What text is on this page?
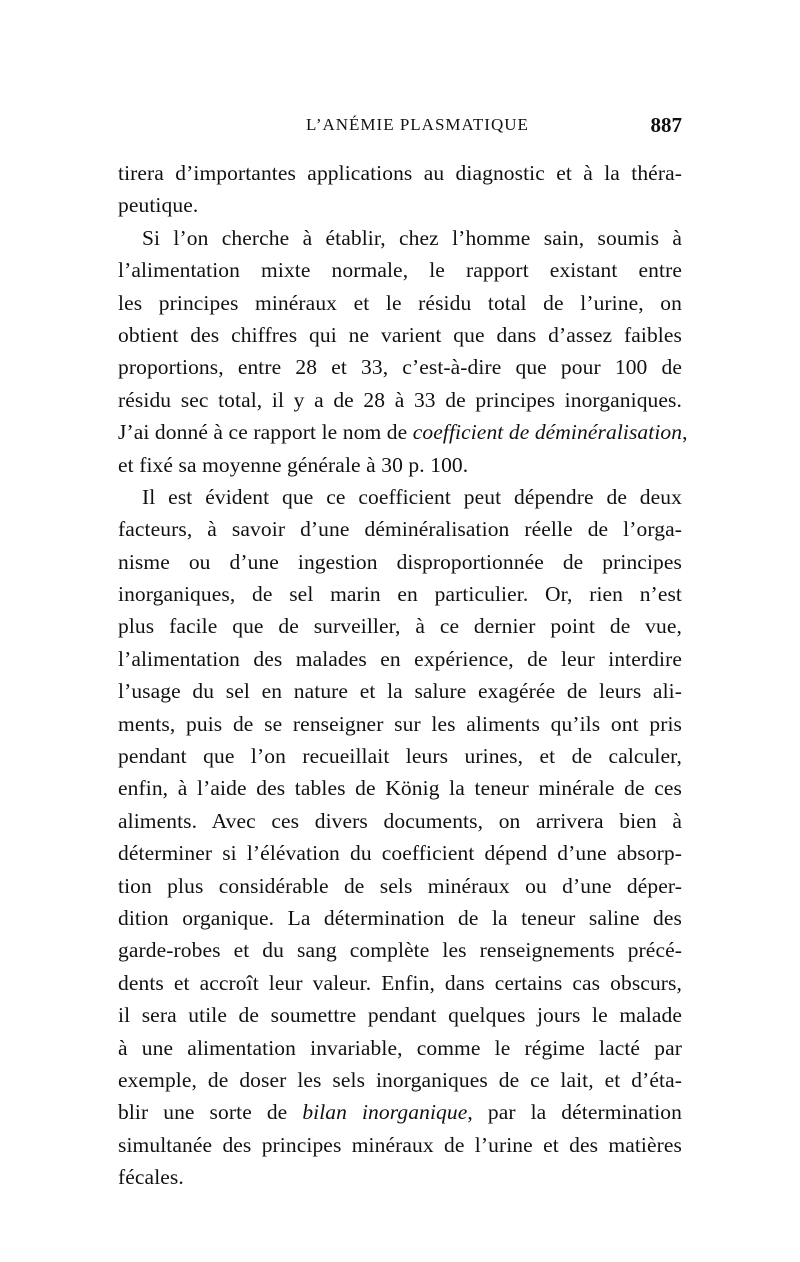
L’ANÉMIE PLASMATIQUE	887
tirera d’importantes applications au diagnostic et à la théra-
peutique.
Si l’on cherche à établir, chez l’homme sain, soumis à
l’alimentation mixte normale, le rapport existant entre
les principes minéraux et le résidu total de l’urine, on
obtient des chiffres qui ne varient que dans d’assez faibles
proportions, entre 28 et 33, c’est-à-dire que pour 100 de
résidu sec total, il y a de 28 à 33 de principes inorganiques.
J’ai donné à ce rapport le nom de coefficient de déminéralisation,
et fixé sa moyenne générale à 30 p. 100.
Il est évident que ce coefficient peut dépendre de deux
facteurs, à savoir d’une déminéralisation réelle de l’orga-
nisme ou d’une ingestion disproportionnée de principes
inorganiques, de sel marin en particulier. Or, rien n’est
plus facile que de surveiller, à ce dernier point de vue,
l’alimentation des malades en expérience, de leur interdire
l’usage du sel en nature et la salure exagérée de leurs ali-
ments, puis de se renseigner sur les aliments qu’ils ont pris
pendant que l’on recueillait leurs urines, et de calculer,
enfin, à l’aide des tables de König la teneur minérale de ces
aliments. Avec ces divers documents, on arrivera bien à
déterminer si l’élévation du coefficient dépend d’une absorp-
tion plus considérable de sels minéraux ou d’une déper-
dition organique. La détermination de la teneur saline des
garde-robes et du sang complète les renseignements précé-
dents et accroît leur valeur. Enfin, dans certains cas obscurs,
il sera utile de soumettre pendant quelques jours le malade
à une alimentation invariable, comme le régime lacté par
exemple, de doser les sels inorganiques de ce lait, et d’éta-
blir une sorte de bilan inorganique, par la détermination
simultanée des principes minéraux de l’urine et des matières
fécales.
